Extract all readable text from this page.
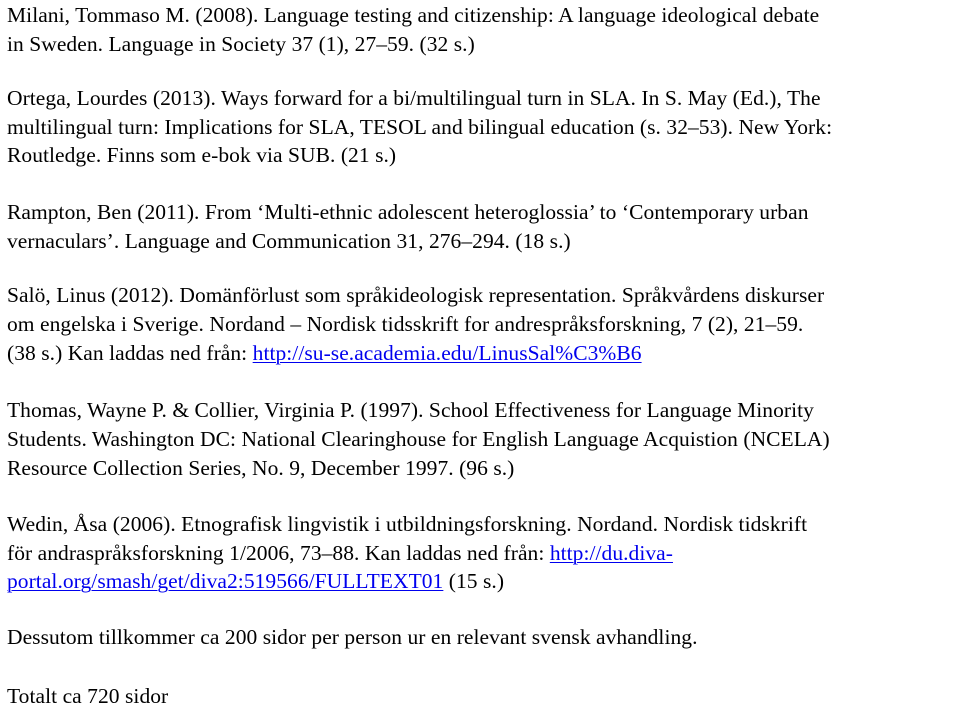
Milani, Tommaso M. (2008). Language testing and citizenship: A language ideological debate
in Sweden. Language in Society 37 (1), 27–59. (32 s.)
Ortega, Lourdes (2013). Ways forward for a bi/multilingual turn in SLA. In S. May (Ed.), The
multilingual turn: Implications for SLA, TESOL and bilingual education (s. 32–53). New York:
Routledge. Finns som e-bok via SUB. (21 s.)
Rampton, Ben (2011). From ‘Multi-ethnic adolescent heteroglossia’ to ‘Contemporary urban
vernaculars’. Language and Communication 31, 276–294. (18 s.)
Salö, Linus (2012). Domänförlust som språkideologisk representation. Språkvårdens diskurser
om engelska i Sverige. Nordand – Nordisk tidsskrift for andrespråksforskning, 7 (2), 21–59.
(38 s.) Kan laddas ned från: http://su-se.academia.edu/LinusSal%C3%B6
Thomas, Wayne P. & Collier, Virginia P. (1997). School Effectiveness for Language Minority
Students. Washington DC: National Clearinghouse for English Language Acquistion (NCELA)
Resource Collection Series, No. 9, December 1997. (96 s.)
Wedin, Åsa (2006). Etnografisk lingvistik i utbildningsforskning. Nordand. Nordisk tidskrift
för andraspråksforskning 1/2006, 73–88. Kan laddas ned från: http://du.diva-
portal.org/smash/get/diva2:519566/FULLTEXT01 (15 s.)
Dessutom tillkommer ca 200 sidor per person ur en relevant svensk avhandling.
Totalt ca 720 sidor
